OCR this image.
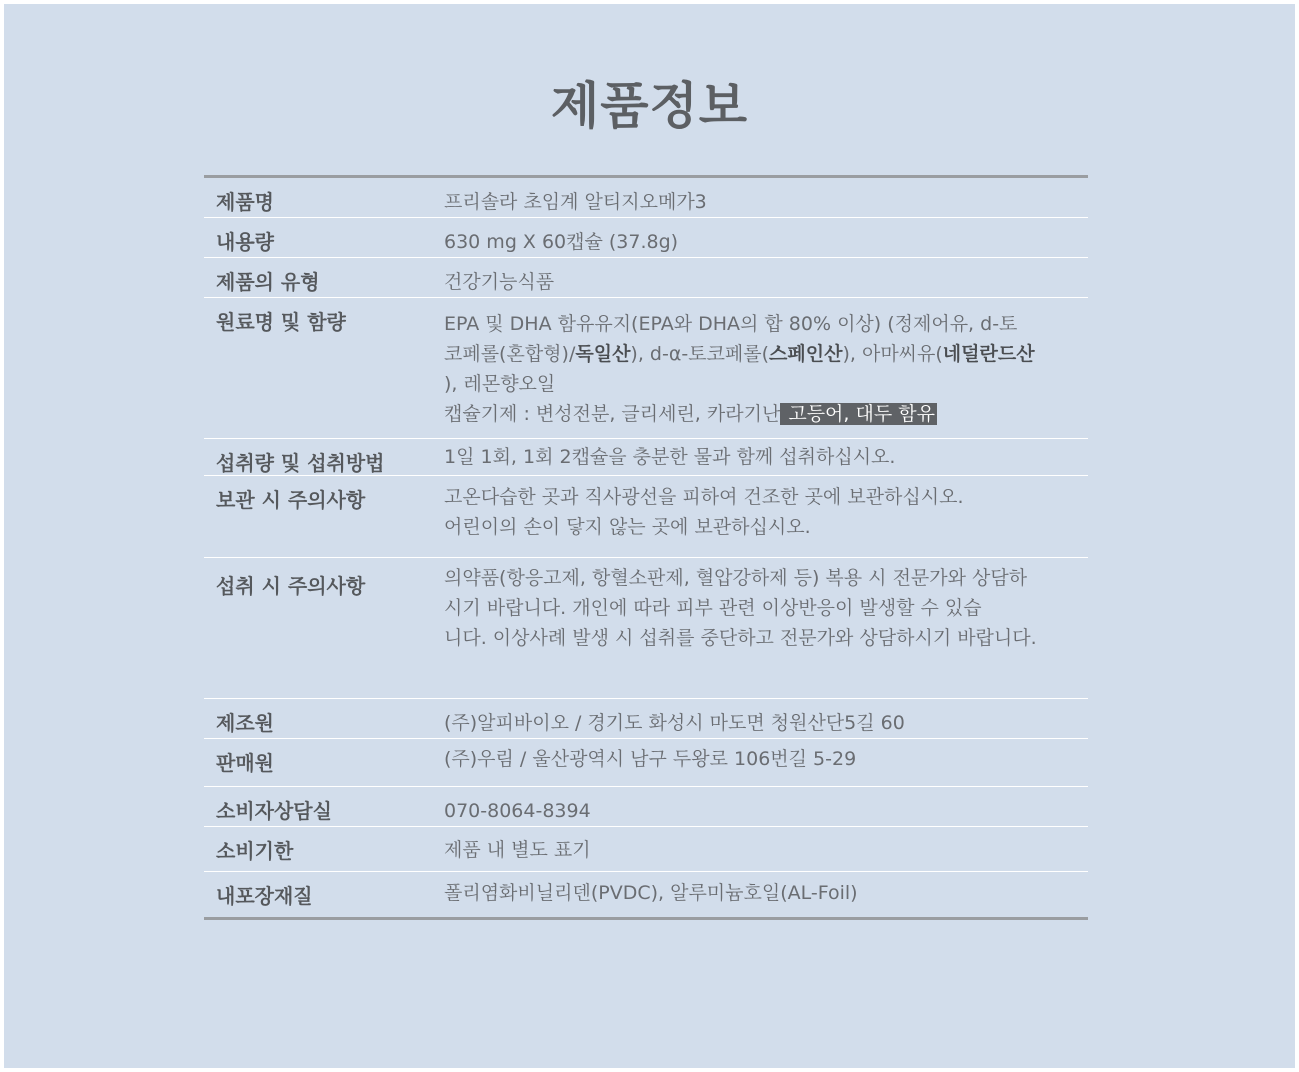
제품정보
제품명	프리솔라 초임계 알티지오메가3
내용량	630 mg X 60캡슐 (37.8g)
제품의 유형	건강기능식품
원료명 및 함량	EPA 및 DHA 함유유지(EPA와 DHA의 합 80% 이상) (정제어유, d-토
코페롤(혼합형)/독일산), d-α-토코페롤(스페인산), 아마씨유(네덜란드산
), 레몬향오일
캡슐기제 : 변성전분, 글리세린, 카라기난 고등어, 대두 함유
섭취량 및 섭취방법	1일 1회, 1회 2캡슐을 충분한 물과 함께 섭취하십시오.
보관 시 주의사항	고온다습한 곳과 직사광선을 피하여 건조한 곳에 보관하십시오.
어린이의 손이 닿지 않는 곳에 보관하십시오.
섭취 시 주의사항	의약품(항응고제, 항혈소판제, 혈압강하제 등) 복용 시 전문가와 상담하
시기 바랍니다. 개인에 따라 피부 관련 이상반응이 발생할 수 있습
니다. 이상사례 발생 시 섭취를 중단하고 전문가와 상담하시기 바랍니다.
제조원	(주)알피바이오 / 경기도 화성시 마도면 청원산단5길 60
판매원	(주)우림 / 울산광역시 남구 두왕로 106번길 5-29
소비자상담실	070-8064-8394
소비기한	제품 내 별도 표기
내포장재질	폴리염화비닐리덴(PVDC), 알루미늄호일(AL-Foil)
